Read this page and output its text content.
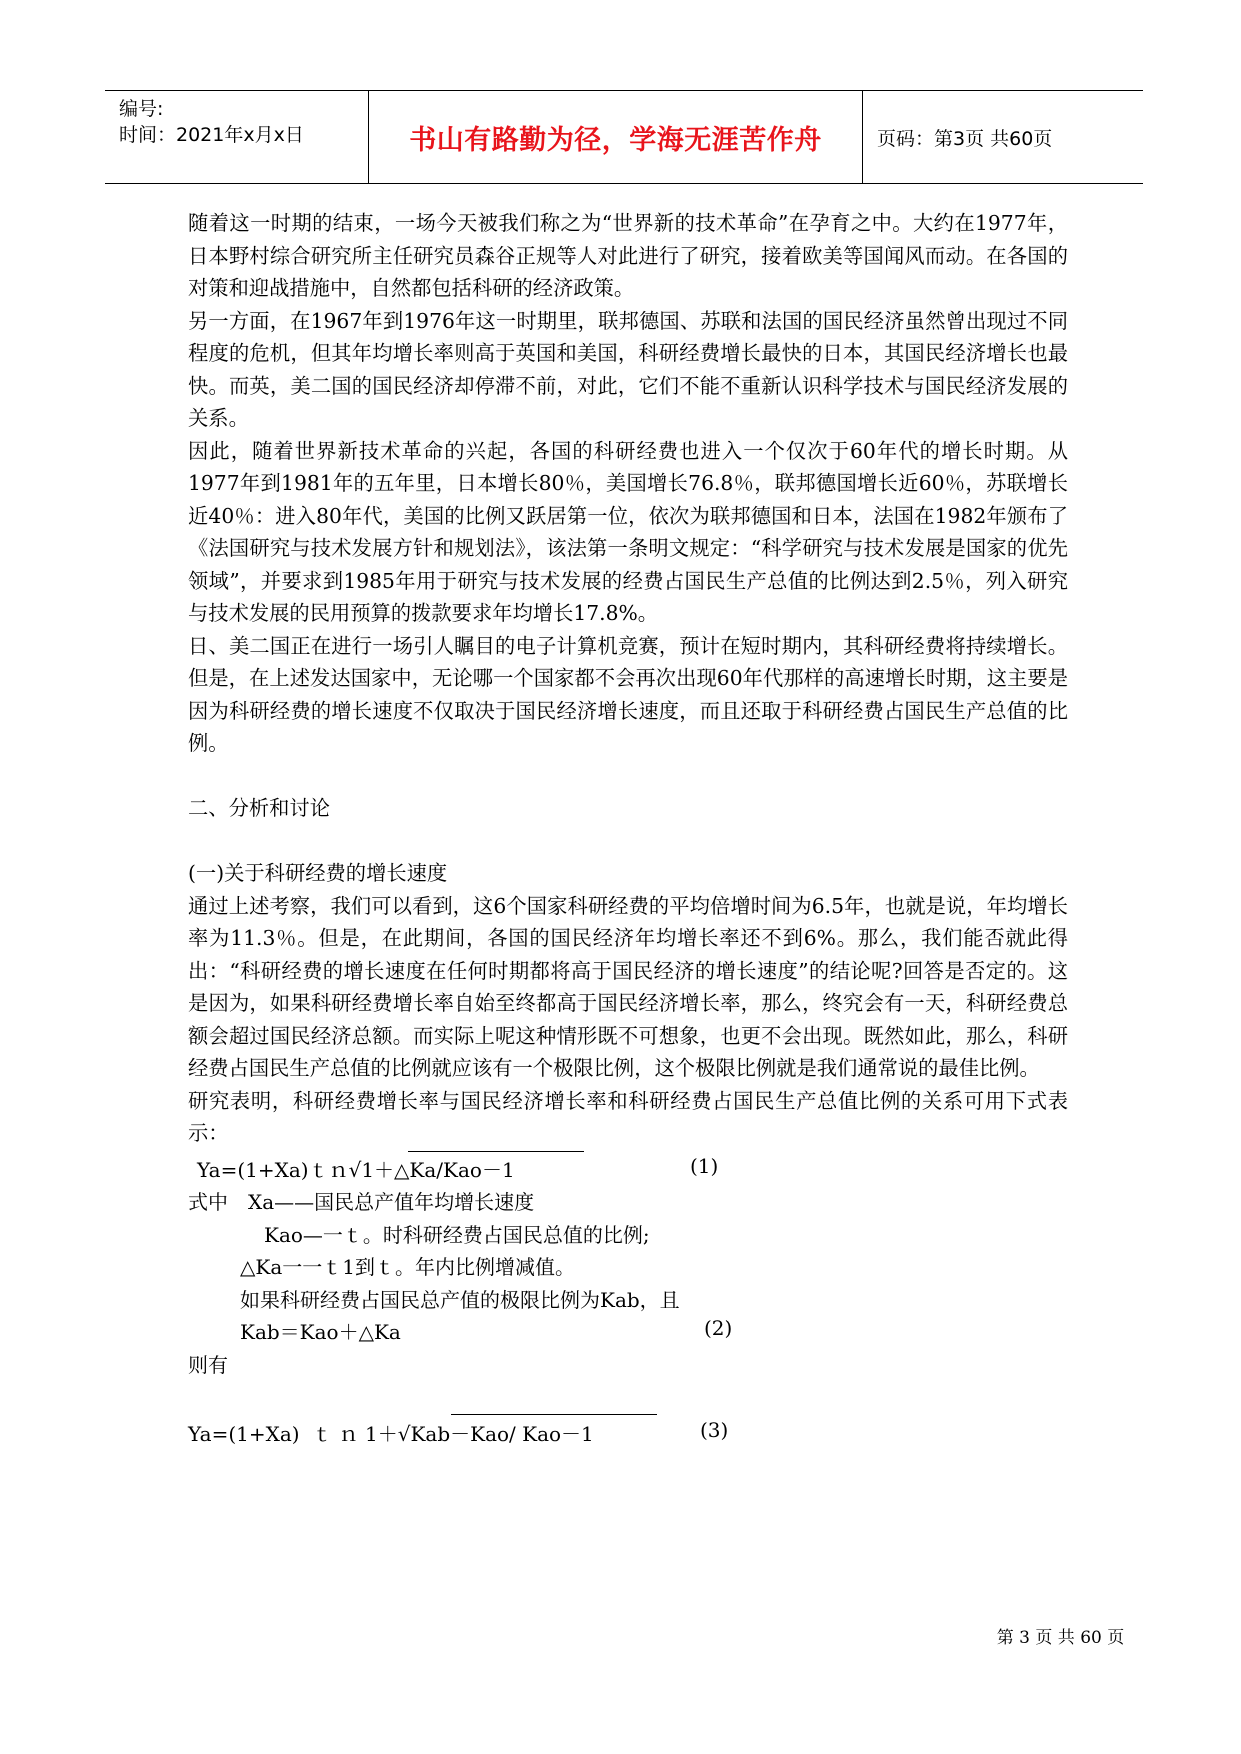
编号:
时间：2021年x月x日	书山有路勤为径，学海无涯苦作舟	页码：第3页 共60页

随着这一时期的结束，一场今天被我们称之为“世界新的技术革命”在孕育之中。大约在1977年，日本野村综合研究所主任研究员森谷正规等人对此进行了研究，接着欧美等国闻风而动。在各国的对策和迎战措施中，自然都包括科研的经济政策。

另一方面，在1967年到1976年这一时期里，联邦德国、苏联和法国的国民经济虽然曾出现过不同程度的危机，但其年均增长率则高于英国和美国，科研经费增长最快的日本，其国民经济增长也最快。而英，美二国的国民经济却停滞不前，对此，它们不能不重新认识科学技术与国民经济发展的关系。

因此，随着世界新技术革命的兴起，各国的科研经费也进入一个仅次于60年代的增长时期。从1977年到1981年的五年里，日本增长80％，美国增长76.8％，联邦德国增长近60％，苏联增长近40％：进入80年代，美国的比例又跃居第一位，依次为联邦德国和日本，法国在1982年颁布了《法国研究与技术发展方针和规划法》，该法第一条明文规定：“科学研究与技术发展是国家的优先领域”，并要求到1985年用于研究与技术发展的经费占国民生产总值的比例达到2.5％，列入研究与技术发展的民用预算的拨款要求年均增长17.8%。

日、美二国正在进行一场引人瞩目的电子计算机竞赛，预计在短时期内，其科研经费将持续增长。但是，在上述发达国家中，无论哪一个国家都不会再次出现60年代那样的高速增长时期，这主要是因为科研经费的增长速度不仅取决于国民经济增长速度，而且还取于科研经费占国民生产总值的比例。

二、分析和讨论

(一)关于科研经费的增长速度

通过上述考察，我们可以看到，这6个国家科研经费的平均倍增时间为6.5年，也就是说，年均增长率为11.3％。但是，在此期间，各国的国民经济年均增长率还不到6%。那么，我们能否就此得出：“科研经费的增长速度在任何时期都将高于国民经济的增长速度”的结论呢?回答是否定的。这是因为，如果科研经费增长率自始至终都高于国民经济增长率，那么，终究会有一天，科研经费总额会超过国民经济总额。而实际上呢这种情形既不可想象，也更不会出现。既然如此，那么，科研经费占国民生产总值的比例就应该有一个极限比例，这个极限比例就是我们通常说的最佳比例。

研究表明，科研经费增长率与国民经济增长率和科研经费占国民生产总值比例的关系可用下式表示：

Ya=(1+Xa)ｔｎ√1＋△Ka/Kao－1	(1)
式中　Xa——国民总产值年均增长速度
Kao—一ｔ。时科研经费占国民总值的比例;
△Ka一一ｔ1到ｔ。年内比例增减值。
如果科研经费占国民总产值的极限比例为Kab，且
Kab＝Kao＋△Ka	(2)
则有
Ya=(1+Xa)  ｔ ｎ 1＋√Kab－Kao/ Kao－1	(3)
第 3 页 共 60 页
